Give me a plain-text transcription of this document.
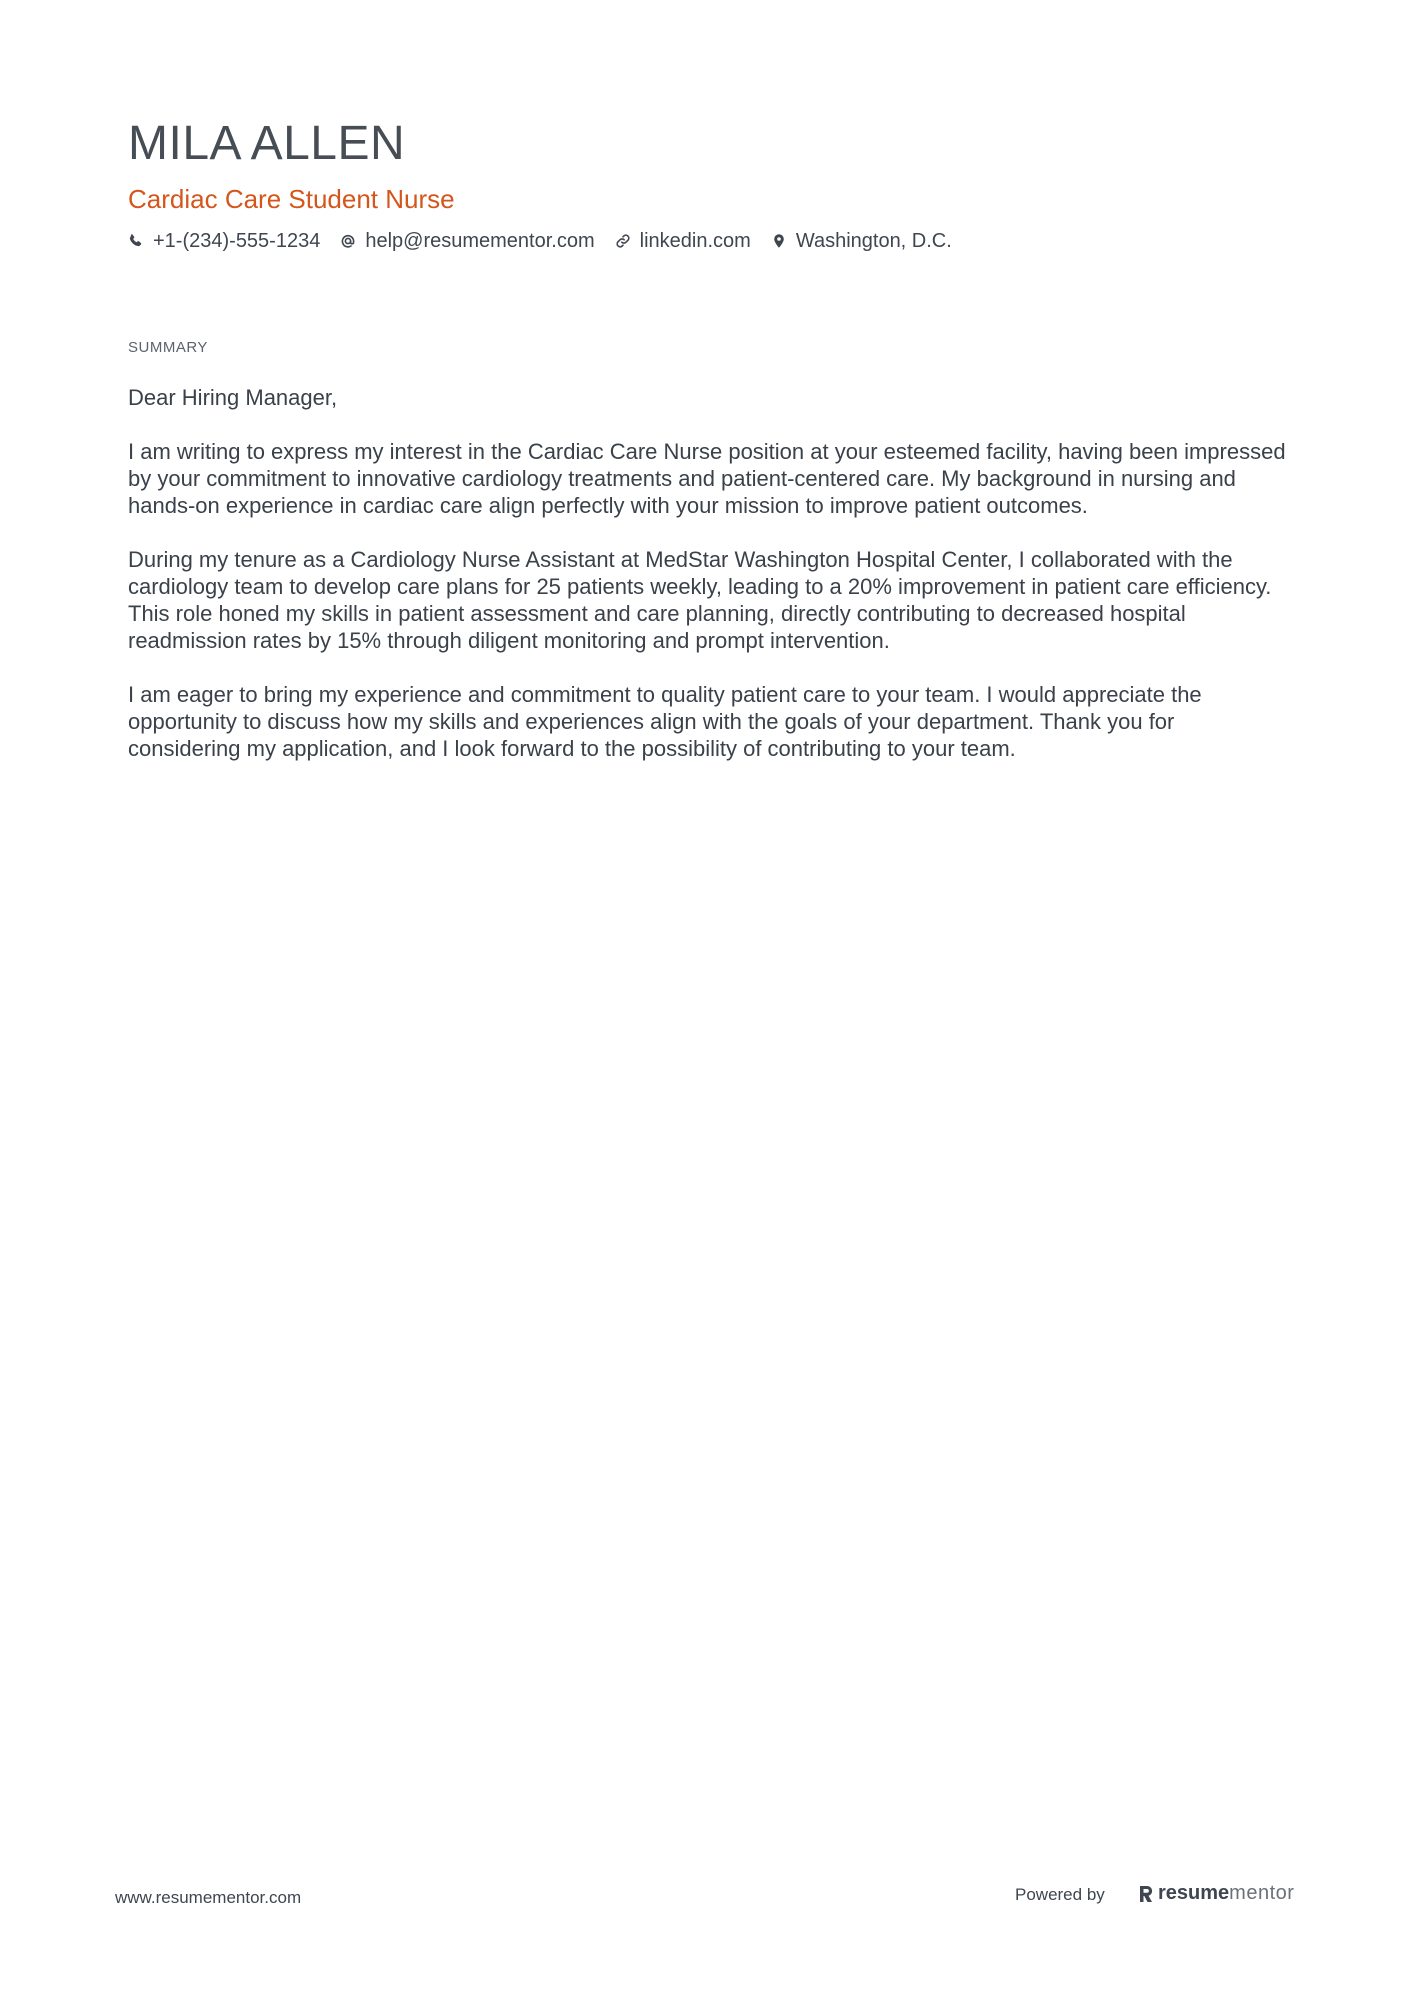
MILA ALLEN
Cardiac Care Student Nurse
+1-(234)-555-1234 help@resumementor.com linkedin.com Washington, D.C.
SUMMARY

Dear Hiring Manager,

I am writing to express my interest in the Cardiac Care Nurse position at your esteemed facility, having been impressed by your commitment to innovative cardiology treatments and patient-centered care. My background in nursing and hands-on experience in cardiac care align perfectly with your mission to improve patient outcomes.

During my tenure as a Cardiology Nurse Assistant at MedStar Washington Hospital Center, I collaborated with the cardiology team to develop care plans for 25 patients weekly, leading to a 20% improvement in patient care efficiency. This role honed my skills in patient assessment and care planning, directly contributing to decreased hospital readmission rates by 15% through diligent monitoring and prompt intervention.

I am eager to bring my experience and commitment to quality patient care to your team. I would appreciate the opportunity to discuss how my skills and experiences align with the goals of your department. Thank you for considering my application, and I look forward to the possibility of contributing to your team.

www.resumementor.com	Powered by	resume mentor
